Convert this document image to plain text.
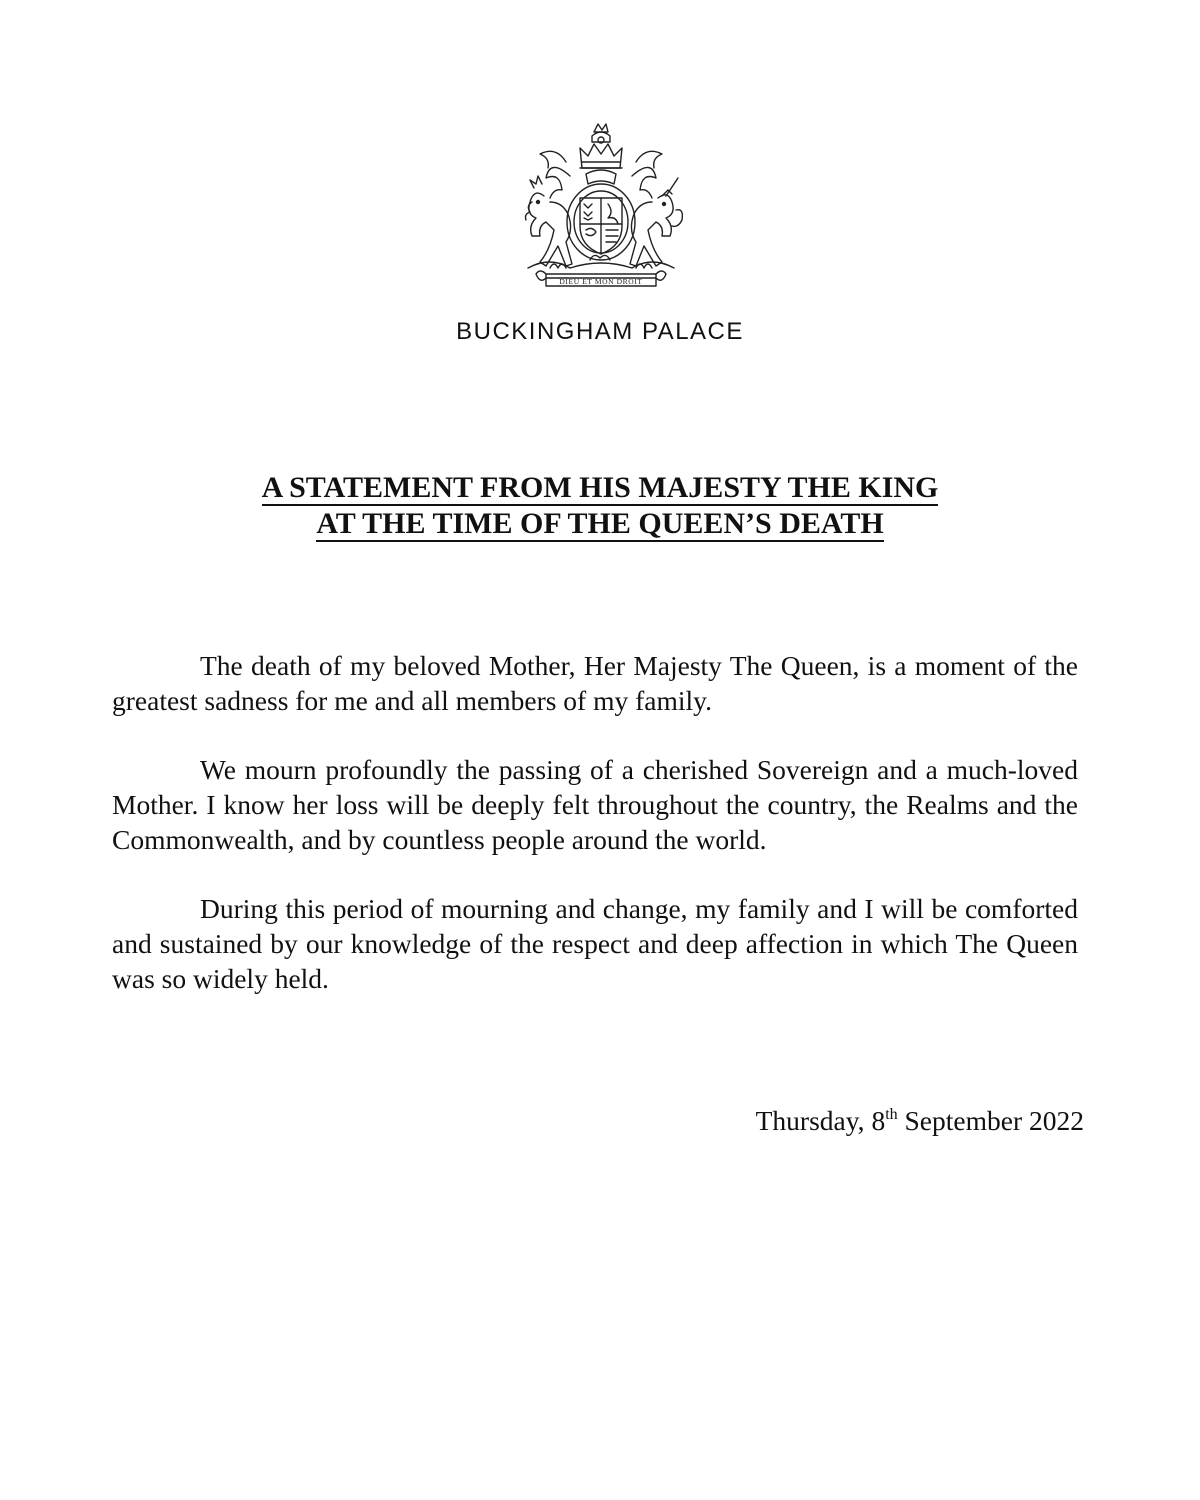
DIEU ET MON DROIT
BUCKINGHAM PALACE
A STATEMENT FROM HIS MAJESTY THE KING
AT THE TIME OF THE QUEEN’S DEATH

The death of my beloved Mother, Her Majesty The Queen, is a moment of the greatest sadness for me and all members of my family.

We mourn profoundly the passing of a cherished Sovereign and a much-loved Mother. I know her loss will be deeply felt throughout the country, the Realms and the Commonwealth, and by countless people around the world.

During this period of mourning and change, my family and I will be comforted and sustained by our knowledge of the respect and deep affection in which The Queen was so widely held.

Thursday, 8th September 2022
